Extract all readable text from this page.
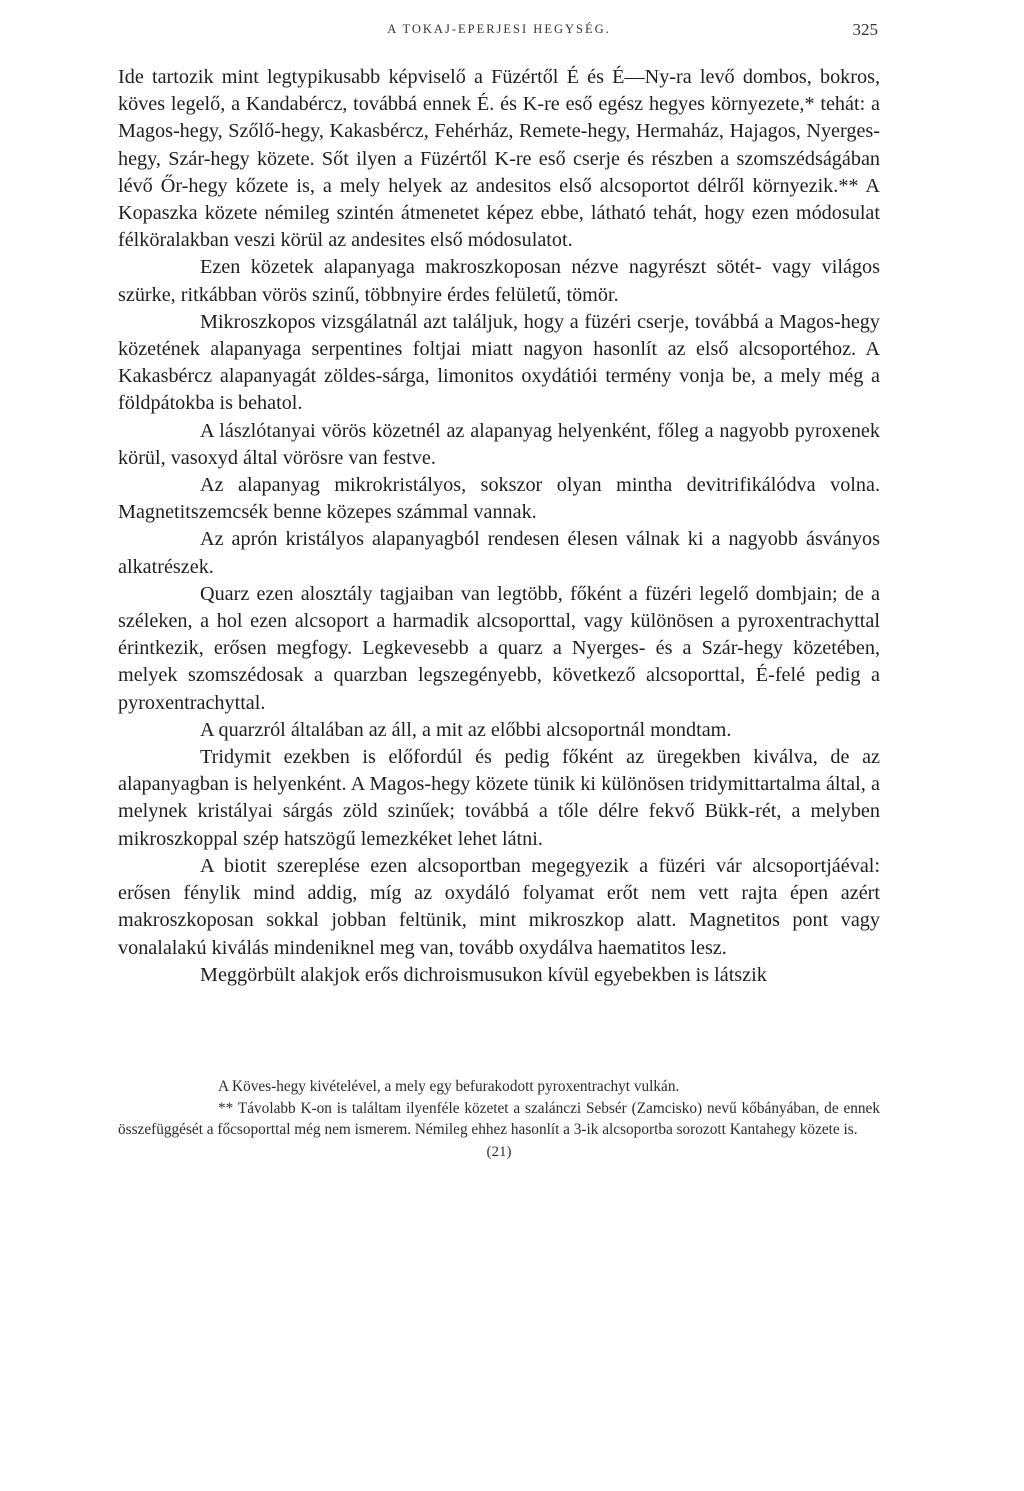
A TOKAJ-EPERJESI HEGYSÉG.	325

Ide tartozik mint legtypikusabb képviselő a Füzértől É és É—Ny-ra levő dombos, bokros, köves legelő, a Kandabércz, továbbá ennek É. és K-re eső egész hegyes környezete,* tehát: a Magos-hegy, Szőlő-hegy, Kakasbércz, Fehérház, Remete-hegy, Hermaház, Hajagos, Nyerges-hegy, Szár-hegy közete. Sőt ilyen a Füzértől K-re eső cserje és részben a szomszédságában lévő Őr-hegy kőzete is, a mely helyek az andesitos első alcsoportot délről környezik.** A Kopaszka közete némileg szintén átmenetet képez ebbe, látható tehát, hogy ezen módosulat félköralakban veszi körül az andesites első módosulatot.

Ezen közetek alapanyaga makroszkoposan nézve nagyrészt sötét- vagy világos szürke, ritkábban vörös szinű, többnyire érdes felületű, tömör.

Mikroszkopos vizsgálatnál azt találjuk, hogy a füzéri cserje, továbbá a Magos-hegy közetének alapanyaga serpentines foltjai miatt nagyon hasonlít az első alcsoportéhoz. A Kakasbércz alapanyagát zöldes-sárga, limonitos oxydátiói termény vonja be, a mely még a földpátokba is behatol.

A lászlótanyai vörös közetnél az alapanyag helyenként, főleg a nagyobb pyroxenek körül, vasoxyd által vörösre van festve.

Az alapanyag mikrokristályos, sokszor olyan mintha devitrifikálódva volna. Magnetitszemcsék benne közepes számmal vannak.

Az aprón kristályos alapanyagból rendesen élesen válnak ki a nagyobb ásványos alkatrészek.

Quarz ezen alosztály tagjaiban van legtöbb, főként a füzéri legelő dombjain; de a széleken, a hol ezen alcsoport a harmadik alcsoporttal, vagy különösen a pyroxentrachyttal érintkezik, erősen megfogy. Legkevesebb a quarz a Nyerges- és a Szár-hegy közetében, melyek szomszédosak a quarzban legszegényebb, következő alcsoporttal, É-felé pedig a pyroxentrachyttal.

A quarzról általában az áll, a mit az előbbi alcsoportnál mondtam.

Tridymit ezekben is előfordúl és pedig főként az üregekben kiválva, de az alapanyagban is helyenként. A Magos-hegy közete tünik ki különösen tridymittartalma által, a melynek kristályai sárgás zöld szinűek; továbbá a tőle délre fekvő Bükk-rét, a melyben mikroszkoppal szép hatszögű lemezkéket lehet látni.

A biotit szereplése ezen alcsoportban megegyezik a füzéri vár alcsoportjáéval: erősen fénylik mind addig, míg az oxydáló folyamat erőt nem vett rajta épen azért makroszkoposan sokkal jobban feltünik, mint mikroszkop alatt. Magnetitos pont vagy vonalalakú kiválás mindeniknel meg van, tovább oxydálva haematitos lesz.

Meggörbült alakjok erős dichroismusukon kívül egyebekben is látszik

A Köves-hegy kivételével, a mely egy befurakodott pyroxentrachyt vulkán.

** Távolabb K-on is találtam ilyenféle közetet a szalánczi Sebsér (Zamcisko) nevű kőbányában, de ennek összefüggését a főcsoporttal még nem ismerem. Némileg ehhez hasonlít a 3-ik alcsoportba sorozott Kantahegy közete is.

(21)
